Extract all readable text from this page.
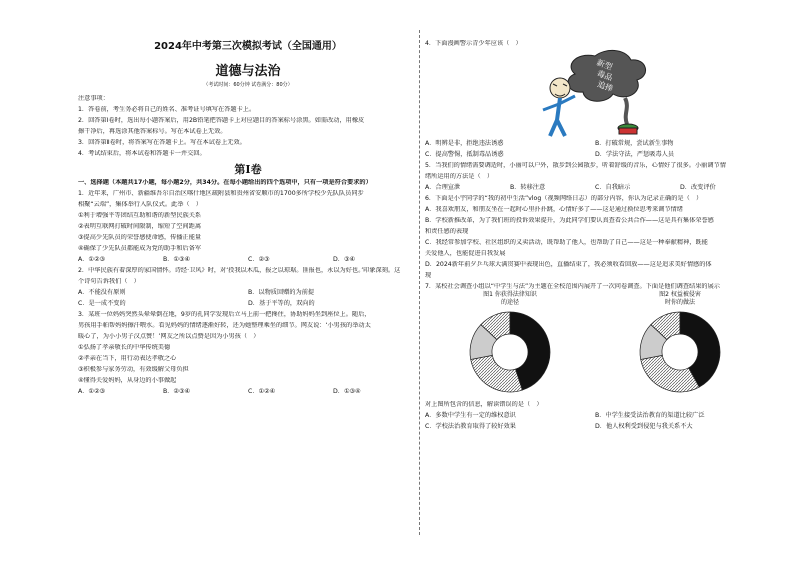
2024年中考第三次模拟考试（全国通用）
道德与法治
（考试时间：60分钟 试卷满分：80分）
注意事项：
1．答卷前，考生务必将自己的姓名、准考证号填写在答题卡上。
2．回答第Ⅰ卷时，选出每小题答案后，用2B铅笔把答题卡上对应题目的答案标号涂黑。如需改动，用橡皮
擦干净后，再选涂其他答案标号。写在本试卷上无效。
3．回答第Ⅱ卷时，将答案写在答题卡上。写在本试卷上无效。
4．考试结束后，将本试卷和答题卡一并交回。
第Ⅰ卷
一、选择题（本题共17小题，每小题2分，共34分。在每小题给出的四个选项中，只有一项是符合要求的）
1．近年来，广州市、新疆维吾尔自治区喀什地区疏附县和贵州省安顺市的1700多所学校少先队队员同步
相聚“云端”，集体举行入队仪式。此举（　）
①利于增强平等团结互助和谐的新型民族关系
②表明互联网打破时间限制，缩短了空间距离
③提高少先队员的荣誉感使命感，传播正能量
④确保了少先队员都能成为党的助手和后备军
A．①②③	B．①③④	C．②③	D．③④
2．中华民族有着深厚的家国情怀。诗经·卫风》时，对‘投我以木瓜，报之以琼琚。匪报也，永以为好也。’印象深刻。这
个诗句告诉我们（　）
A．不能没有原则	B．以物质回赠的为前提
C．是一成不变的	D．基于平等的，双向的
3．某班一位妈妈突然头晕晕倒在地，9岁的孔同学发现后立马上前一把搀住，协助妈妈坐到座位上。随后，
男孩用手帕帮妈妈擦汗喂水。看见妈妈的情绪逐渐好转，还为她整理乘坐的细节。网友说：‘小男孩的举动太
暖心了，为小小男子汉点赞！’网友之所以点赞是因为小男孩（　）
①弘扬了孝亲敬长的中华传统美德
②孝亲在当下，用行动表达孝敬之心
③积极参与家务劳动，有效缓解父母负担
④懂得关爱妈妈，从身边的小事做起
A．①②③	B．②③④	C．①②④	D．①③④
4．下面漫画警示青少年应该（　）
新型
毒品
追捧
A．明辨是非，拒绝违法诱惑	B．打破常规，尝试新生事物
C．提高警惕，抵制毒品诱惑	D．学法守法，严惩吸毒人员
5．当我们的情绪需要调适时，小丽可以户外，散步到公园散步，听着舒缓的音乐，心情好了很多。小丽调节情
绪所运用的方法是（　）
A．合理宣泄	B．转移注意	C．自我暗示	D．改变评价
6．下面是小宇同学的“我的初中生活”vlog（视频网络日志）的部分内容，你认为记录正确的是（　）
A．我喜欢朋友，和朋友坐在一起时心里扑扑跳，心情好多了——这是通过换位思考来调节情绪
B．学校新推改革，为了我们班的投诉效果提升，为此同学们要认真查看公共合作——这是具有集体荣誉感
和责任感的表现
C．我经常参加学校、社区组织的义卖活动，既帮助了他人，也帮助了自己——这是一种奉献精神，既能
关爱他人，也能促进自我发展
D．2024新年前夕乒乓球大满贯赛中表现出色，直播结束了，我必须收看回放——这是追求美好情感的体
现
7．某校社会调查小组以“中学生与法”为主题在全校范围内展开了一次问卷调查。下面是他们调查结果的展示
图1 你获得法律知识
的途径
图2 权益被侵害
时你的做法
对上图所包含的信息，解读错误的是（　）
A．多数中学生有一定的维权意识	B．中学生接受法治教育的渠道比较广泛
C．学校法治教育取得了较好效果	D．他人权利受到侵犯与我关系不大
